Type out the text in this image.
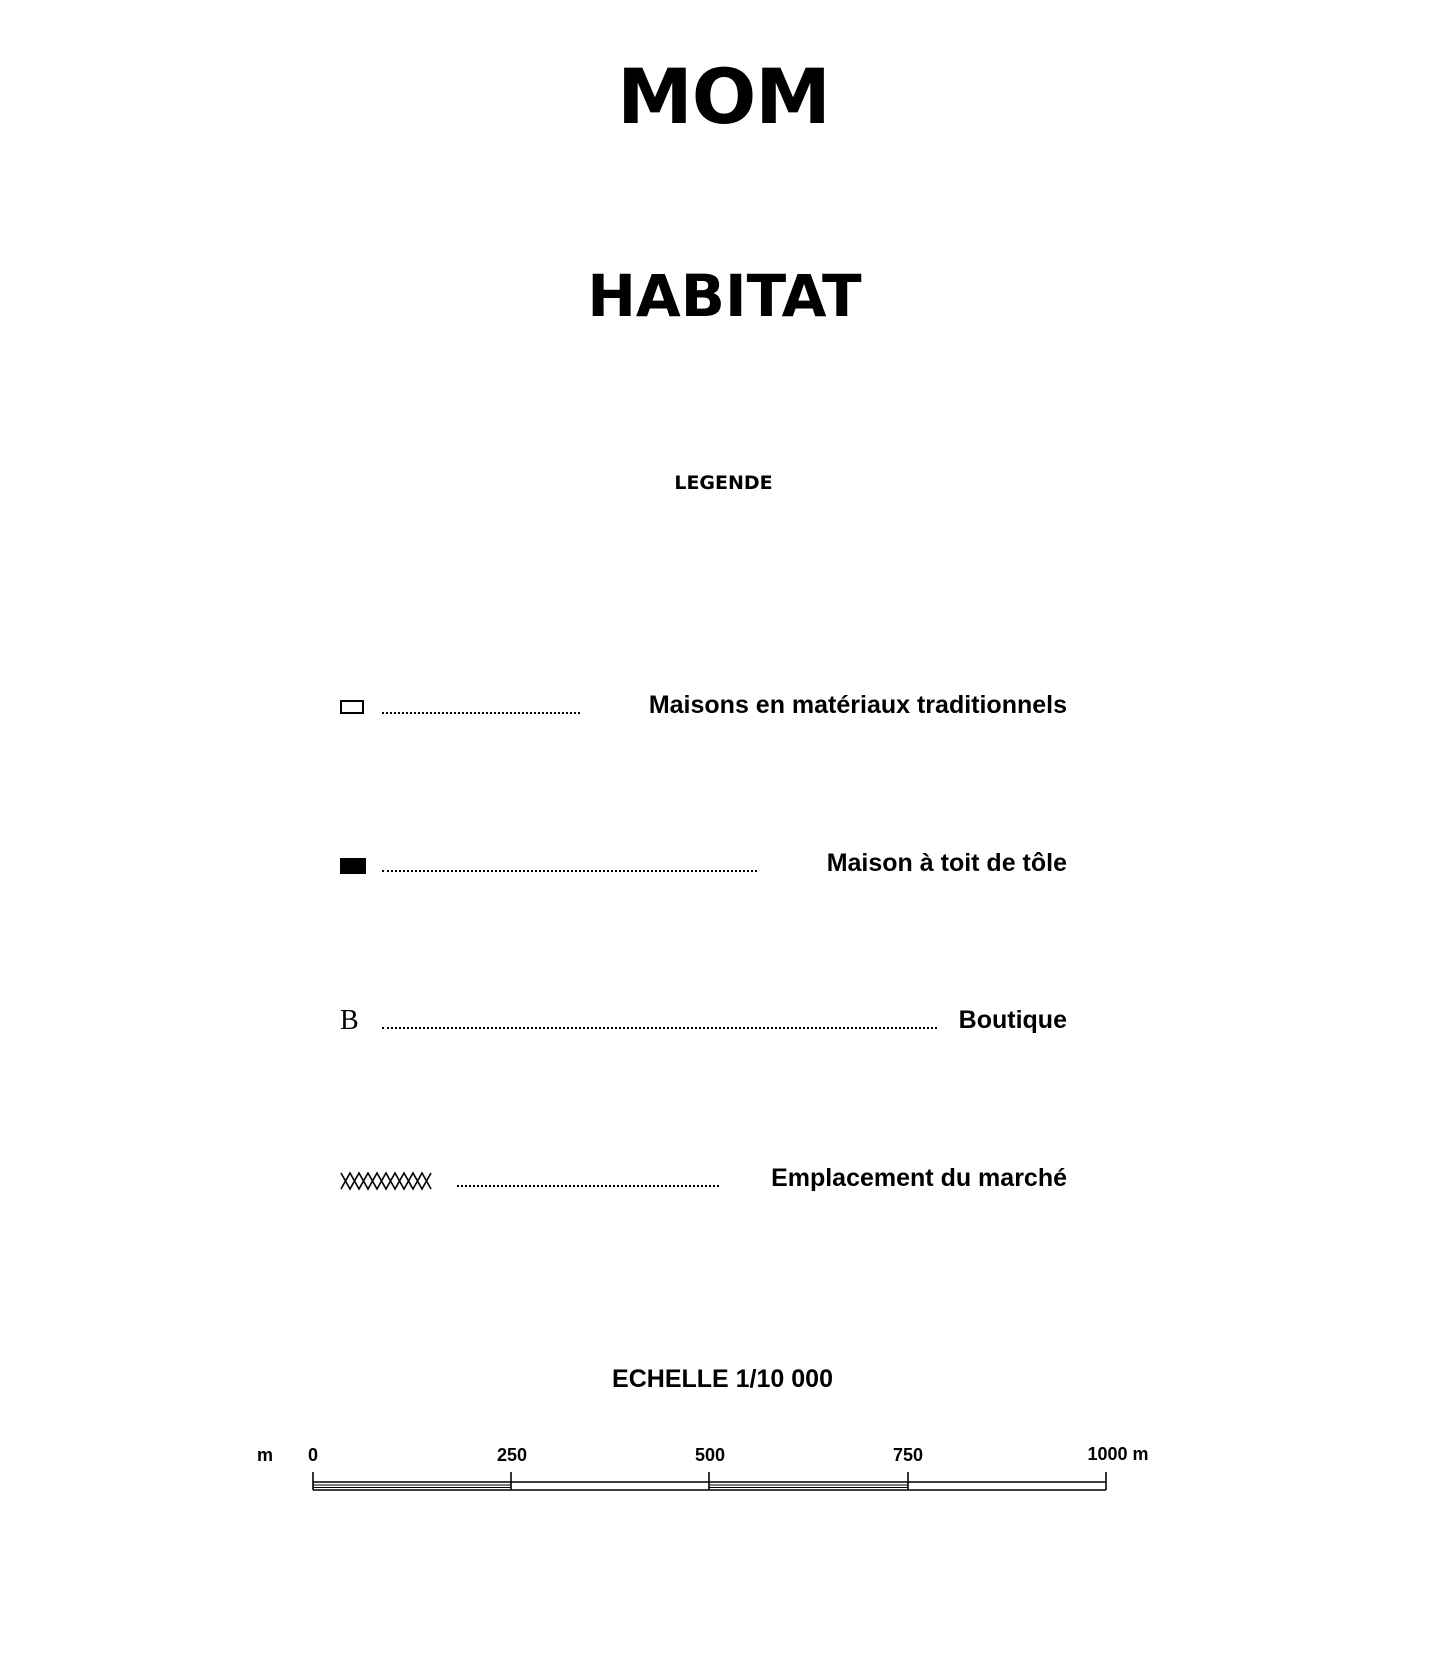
MOM
HABITAT
LEGENDE
Maisons en matériaux traditionnels
Maison à toit de tôle
B	Boutique
Emplacement du marché
ECHELLE 1/10 000
m 0	250	500	750	1000 m
